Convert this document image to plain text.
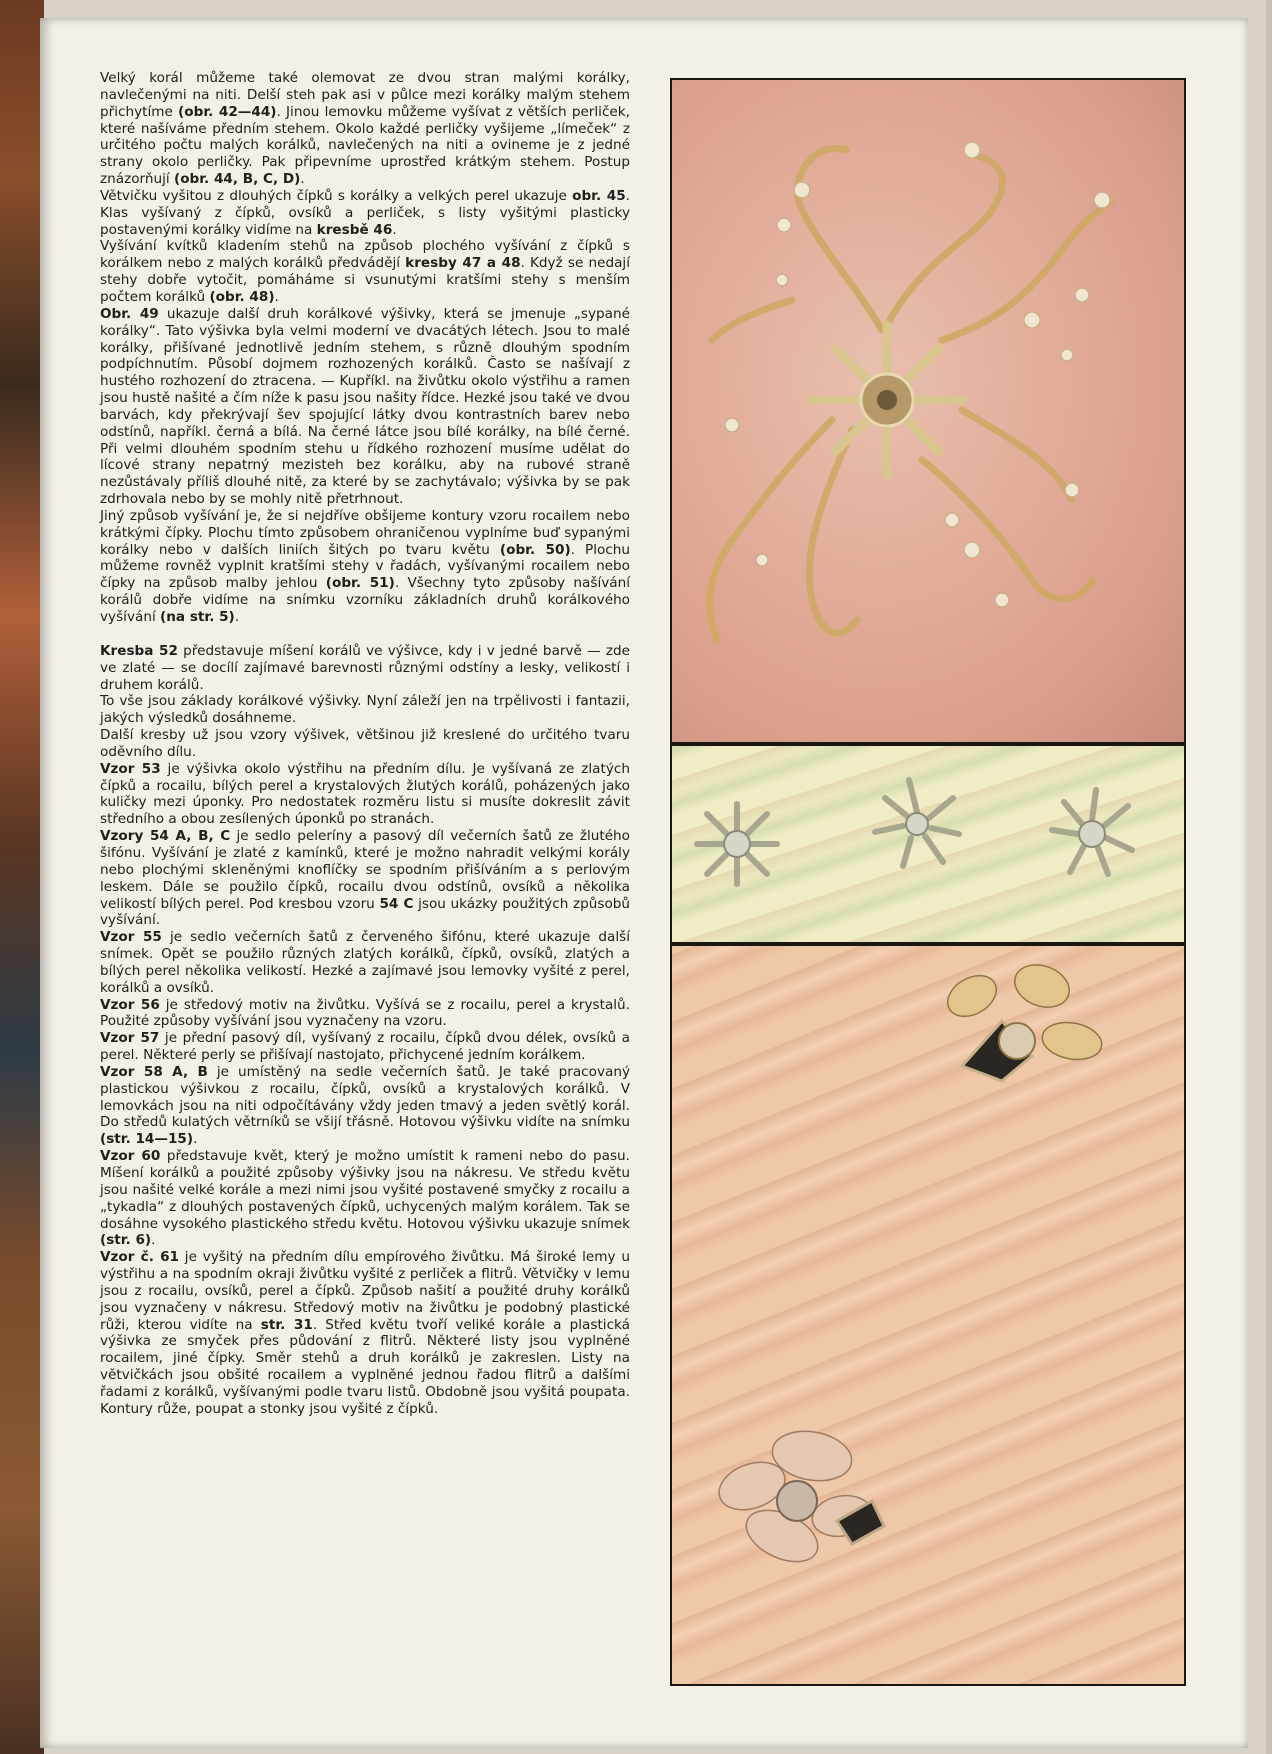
Velký korál můžeme také olemovat ze dvou stran malými korálky, navlečenými na niti. Delší steh pak asi v půlce mezi korálky malým stehem přichytíme (obr. 42—44). Jinou lemovku můžeme vyšívat z větších perliček, které našíváme předním stehem. Okolo každé perličky vyšijeme „límeček“ z určitého počtu malých korálků, navlečených na niti a ovineme je z jedné strany okolo perličky. Pak připevníme uprostřed krátkým stehem. Postup znázorňují (obr. 44, B, C, D).

Větvičku vyšitou z dlouhých čípků s korálky a velkých perel ukazuje obr. 45. Klas vyšívaný z čípků, ovsíků a perliček, s listy vyšitými plasticky postavenými korálky vidíme na kresbě 46.

Vyšívání kvítků kladením stehů na způsob plochého vyšívání z čípků s korálkem nebo z malých korálků předvádějí kresby 47 a 48. Když se nedají stehy dobře vytočit, pomáháme si vsunutými kratšími stehy s menším počtem korálků (obr. 48).

Obr. 49 ukazuje další druh korálkové výšivky, která se jmenuje „sypané korálky“. Tato výšivka byla velmi moderní ve dvacátých létech. Jsou to malé korálky, přišívané jednotlivě jedním stehem, s různě dlouhým spodním podpíchnutím. Působí dojmem rozhozených korálků. Často se našívají z hustého rozhození do ztracena. — Kupříkl. na živůtku okolo výstřihu a ramen jsou hustě našité a čím níže k pasu jsou našity řídce. Hezké jsou také ve dvou barvách, kdy překrývají šev spojující látky dvou kontrastních barev nebo odstínů, napříkl. černá a bílá. Na černé látce jsou bílé korálky, na bílé černé. Při velmi dlouhém spodním stehu u řídkého rozhození musíme udělat do lícové strany nepatrný mezistеh bez korálku, aby na rubové straně nezůstávaly příliš dlouhé nitě, za které by se zachytávalo; výšivka by se pak zdrhovala nebo by se mohly nitě přetrhnout.

Jiný způsob vyšívání je, že si nejdříve obšijeme kontury vzoru rocailem nebo krátkými čípky. Plochu tímto způsobem ohraničenou vyplníme buď sypanými korálky nebo v dalších liniích šitých po tvaru květu (obr. 50). Plochu můžeme rovněž vyplnit kratšími stehy v řadách, vyšívanými rocailem nebo čípky na způsob malby jehlou (obr. 51). Všechny tyto způsoby našívání korálů dobře vidíme na snímku vzorníku základních druhů korálkového vyšívání (na str. 5).

Kresba 52 představuje míšení korálů ve výšivce, kdy i v jedné barvě — zde ve zlaté — se docílí zajímavé barevnosti různými odstíny a lesky, velikostí i druhem korálů.

To vše jsou základy korálkové výšivky. Nyní záleží jen na trpělivosti i fantazii, jakých výsledků dosáhneme.

Další kresby už jsou vzory výšivek, většinou již kreslené do určitého tvaru oděvního dílu.

Vzor 53 je výšivka okolo výstřihu na předním dílu. Je vyšívaná ze zlatých čípků a rocailu, bílých perel a krystalových žlutých korálů, poházených jako kuličky mezi úponky. Pro nedostatek rozměru listu si musíte dokreslit závit středního a obou zesílených úponků po stranách.

Vzory 54 A, B, C je sedlo peleríny a pasový díl večerních šatů ze žlutého šifónu. Vyšívání je zlaté z kamínků, které je možno nahradit velkými korály nebo plochými skleněnými knoflíčky se spodním přišíváním a s perlovým leskem. Dále se použilo čípků, rocailu dvou odstínů, ovsíků a několika velikostí bílých perel. Pod kresbou vzoru 54 C jsou ukázky použitých způsobů vyšívání.

Vzor 55 je sedlo večerních šatů z červeného šifónu, které ukazuje další snímek. Opět se použilo různých zlatých korálků, čípků, ovsíků, zlatých a bílých perel několika velikostí. Hezké a zajímavé jsou lemovky vyšité z perel, korálků a ovsíků.

Vzor 56 je středový motiv na živůtku. Vyšívá se z rocailu, perel a krystalů. Použité způsoby vyšívání jsou vyznačeny na vzoru.

Vzor 57 je přední pasový díl, vyšívaný z rocailu, čípků dvou délek, ovsíků a perel. Některé perly se přišívají nastojato, přichycené jedním korálkem.

Vzor 58 A, B je umístěný na sedle večerních šatů. Je také pracovaný plastickou výšivkou z rocailu, čípků, ovsíků a krystalových korálků. V lemovkách jsou na niti odpočítávány vždy jeden tmavý a jeden světlý korál. Do středů kulatých větrníků se všijí třásně. Hotovou výšivku vidíte na snímku (str. 14—15).

Vzor 60 představuje květ, který je možno umístit k rameni nebo do pasu. Míšení korálků a použité způsoby výšivky jsou na nákresu. Ve středu květu jsou našité velké korále a mezi nimi jsou vyšité postavené smyčky z rocailu a „tykadla“ z dlouhých postavených čípků, uchycených malým korálem. Tak se dosáhne vysokého plastického středu květu. Hotovou výšivku ukazuje snímek (str. 6).

Vzor č. 61 je vyšitý na předním dílu empírového živůtku. Má široké lemy u výstřihu a na spodním okraji živůtku vyšité z perliček a flitrů. Větvičky v lemu jsou z rocailu, ovsíků, perel a čípků. Způsob našití a použité druhy korálků jsou vyznačeny v nákresu. Středový motiv na živůtku je podobný plastické růži, kterou vidíte na str. 31. Střed květu tvoří veliké korále a plastická výšivka ze smyček přes půdování z flitrů. Některé listy jsou vyplněné rocailem, jiné čípky. Směr stehů a druh korálků je zakreslen. Listy na větvičkách jsou obšité rocailem a vyplněné jednou řadou flitrů a dalšími řadami z korálků, vyšívanými podle tvaru listů. Obdobně jsou vyšitá poupata. Kontury růže, poupat a stonky jsou vyšité z čípků.
